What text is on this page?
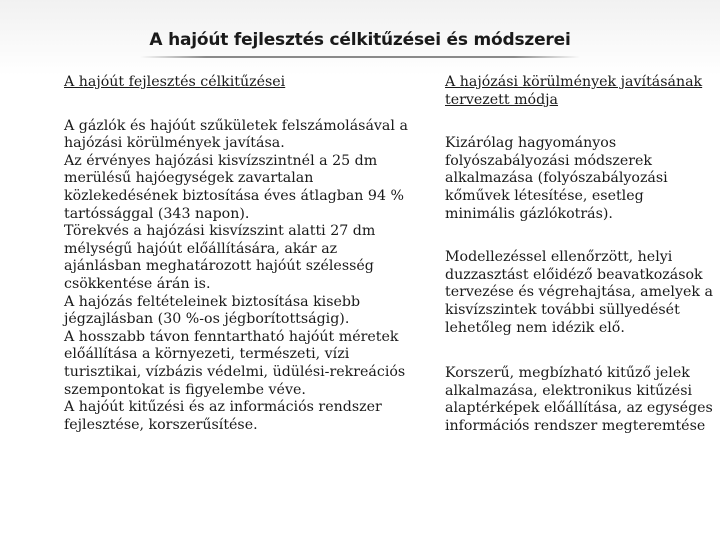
A hajóút fejlesztés célkitűzései és módszerei

A hajóút fejlesztés célkitűzései

A gázlók és hajóút szűkületek felszámolásával a hajózási körülmények javítása.

Az érvényes hajózási kisvízszintnél a 25 dm merülésű hajóegységek zavartalan közlekedésének biztosítása éves átlagban 94 % tartóssággal (343 napon).

Törekvés a hajózási kisvízszint alatti 27 dm mélységű hajóút előállítására, akár az ajánlásban meghatározott hajóút szélesség csökkentése árán is.

A hajózás feltételeinek biztosítása kisebb jégzajlásban (30 %-os jégborítottságig).

A hosszabb távon fenntartható hajóút méretek előállítása a környezeti, természeti, vízi turisztikai, vízbázis védelmi, üdülési-rekreációs szempontokat is figyelembe véve.

A hajóút kitűzési és az információs rendszer fejlesztése, korszerűsítése.

A hajózási körülmények javításának tervezett módja

Kizárólag hagyományos folyószabályozási módszerek alkalmazása (folyószabályozási kőművek létesítése, esetleg minimális gázlókotrás).

Modellezéssel ellenőrzött, helyi duzzasztást előidéző beavatkozások tervezése és végrehajtása, amelyek a kisvízszintek további süllyedését lehetőleg nem idézik elő.

Korszerű, megbízható kitűző jelek alkalmazása, elektronikus kitűzési alaptérképek előállítása, az egységes információs rendszer megteremtése
